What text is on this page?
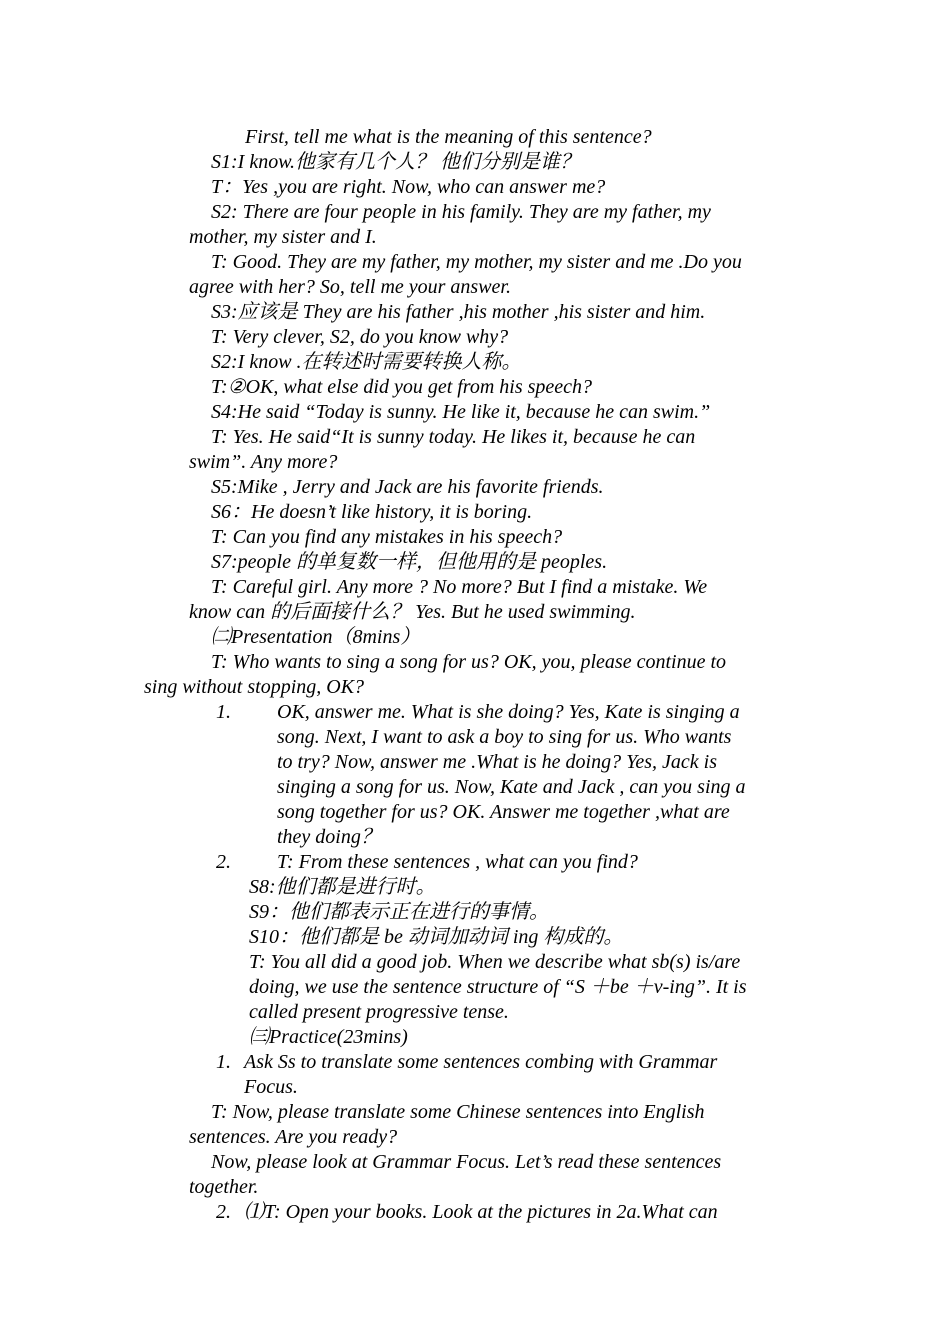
First, tell me what is the meaning of this sentence?
S1:I know.他家有几个人？ 他们分别是谁？
T：Yes ,you are right. Now, who can answer me?
S2: There are four people in his family. They are my father, my
mother, my sister and I.
T: Good. They are my father, my mother, my sister and me .Do you
agree with her? So, tell me your answer.
S3:应该是 They are his father ,his mother ,his sister and him.
T: Very clever, S2, do you know why?
S2:I know .在转述时需要转换人称。
T:②OK, what else did you get from his speech?
S4:He said “Today is sunny. He like it, because he can swim.”
T: Yes. He said“It is sunny today. He likes it, because he can
swim”. Any more?
S5:Mike , Jerry and Jack are his favorite friends.
S6：He doesn’t like history, it is boring.
T: Can you find any mistakes in his speech?
S7:people 的单复数一样，但他用的是 peoples.
T: Careful girl. Any more ? No more? But I find a mistake. We
know can 的后面接什么？ Yes. But he used swimming.
㈡Presentation（8mins）
T: Who wants to sing a song for us? OK, you, please continue to
sing without stopping, OK?
1. OK, answer me. What is she doing? Yes, Kate is singing a
song. Next, I want to ask a boy to sing for us. Who wants
to try? Now, answer me .What is he doing? Yes, Jack is
singing a song for us. Now, Kate and Jack , can you sing a
song together for us? OK. Answer me together ,what are
they doing？
2. T: From these sentences , what can you find?
S8:他们都是进行时。
S9：他们都表示正在进行的事情。
S10：他们都是 be 动词加动词 ing 构成的。
T: You all did a good job. When we describe what sb(s) is/are
doing, we use the sentence structure of “S ＋be ＋v-ing”. It is
called present progressive tense.
㈢Practice(23mins)
1. Ask Ss to translate some sentences combing with Grammar
Focus.
T: Now, please translate some Chinese sentences into English
sentences. Are you ready?
Now, please look at Grammar Focus. Let’s read these sentences
together.
2. ⑴T: Open your books. Look at the pictures in 2a.What can
